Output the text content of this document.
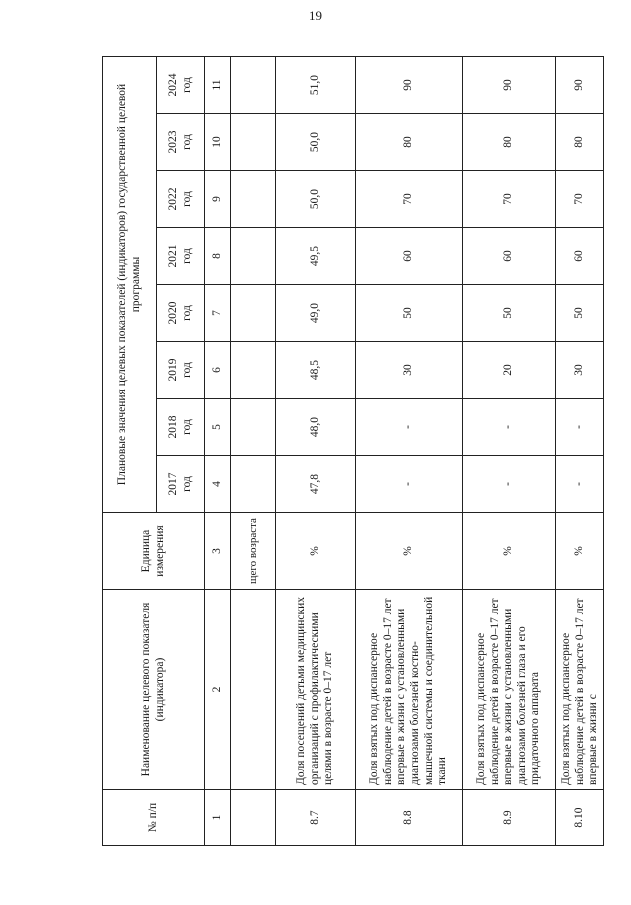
19
№ п/п	Наименование целевого показателя (индикатора)	Единица измерения	Плановые значения целевых показателей (индикаторов) государственной целевой программы							
			2017 год	2018 год	2019 год	2020 год	2021 год	2022 год	2023 год	2024 год
1	2	3	4	5	6	7	8	9	10	11
		щего возраста								
8.7	Доля посещений детьми медицинских организаций с профилактическими целями в возрасте 0–17 лет	%	47,8	48,0	48,5	49,0	49,5	50,0	50,0	51,0
8.8	Доля взятых под диспансерное наблюдение детей в возрасте 0–17 лет впервые в жизни с установленными диагнозами болезней костно-мышечной системы и соединительной ткани	%	-	-	30	50	60	70	80	90
8.9	Доля взятых под диспансерное наблюдение детей в возрасте 0–17 лет впервые в жизни с установленными диагнозами болезней глаза и его придаточного аппарата	%	-	-	20	50	60	70	80	90
8.10	Доля взятых под диспансерное наблюдение детей в возрасте 0–17 лет впервые в жизни с	%	-	-	30	50	60	70	80	90
